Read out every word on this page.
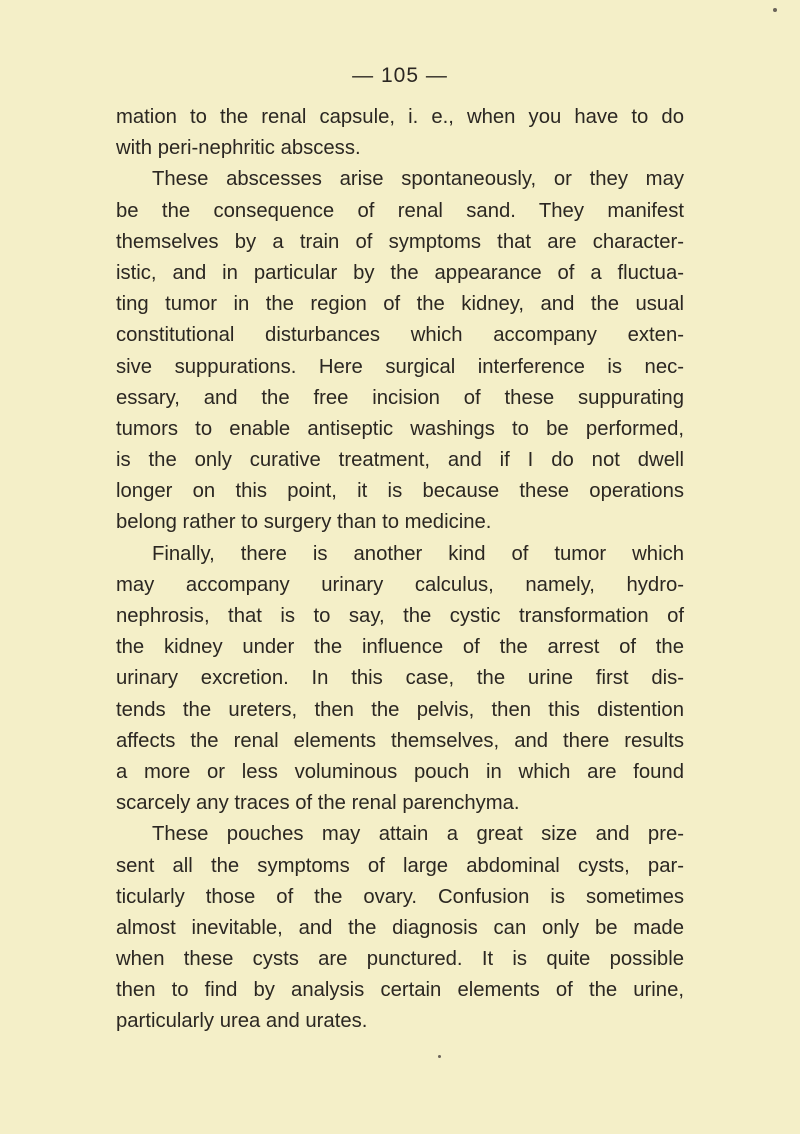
— 105 —
mation to the renal capsule, i. e., when you have to do
with peri-nephritic abscess.
These abscesses arise spontaneously, or they may
be the consequence of renal sand. They manifest
themselves by a train of symptoms that are character-
istic, and in particular by the appearance of a fluctua-
ting tumor in the region of the kidney, and the usual
constitutional disturbances which accompany exten-
sive suppurations. Here surgical interference is nec-
essary, and the free incision of these suppurating
tumors to enable antiseptic washings to be performed,
is the only curative treatment, and if I do not dwell
longer on this point, it is because these operations
belong rather to surgery than to medicine.
Finally, there is another kind of tumor which
may accompany urinary calculus, namely, hydro-
nephrosis, that is to say, the cystic transformation of
the kidney under the influence of the arrest of the
urinary excretion. In this case, the urine first dis-
tends the ureters, then the pelvis, then this distention
affects the renal elements themselves, and there results
a more or less voluminous pouch in which are found
scarcely any traces of the renal parenchyma.
These pouches may attain a great size and pre-
sent all the symptoms of large abdominal cysts, par-
ticularly those of the ovary. Confusion is sometimes
almost inevitable, and the diagnosis can only be made
when these cysts are punctured. It is quite possible
then to find by analysis certain elements of the urine,
particularly urea and urates.
